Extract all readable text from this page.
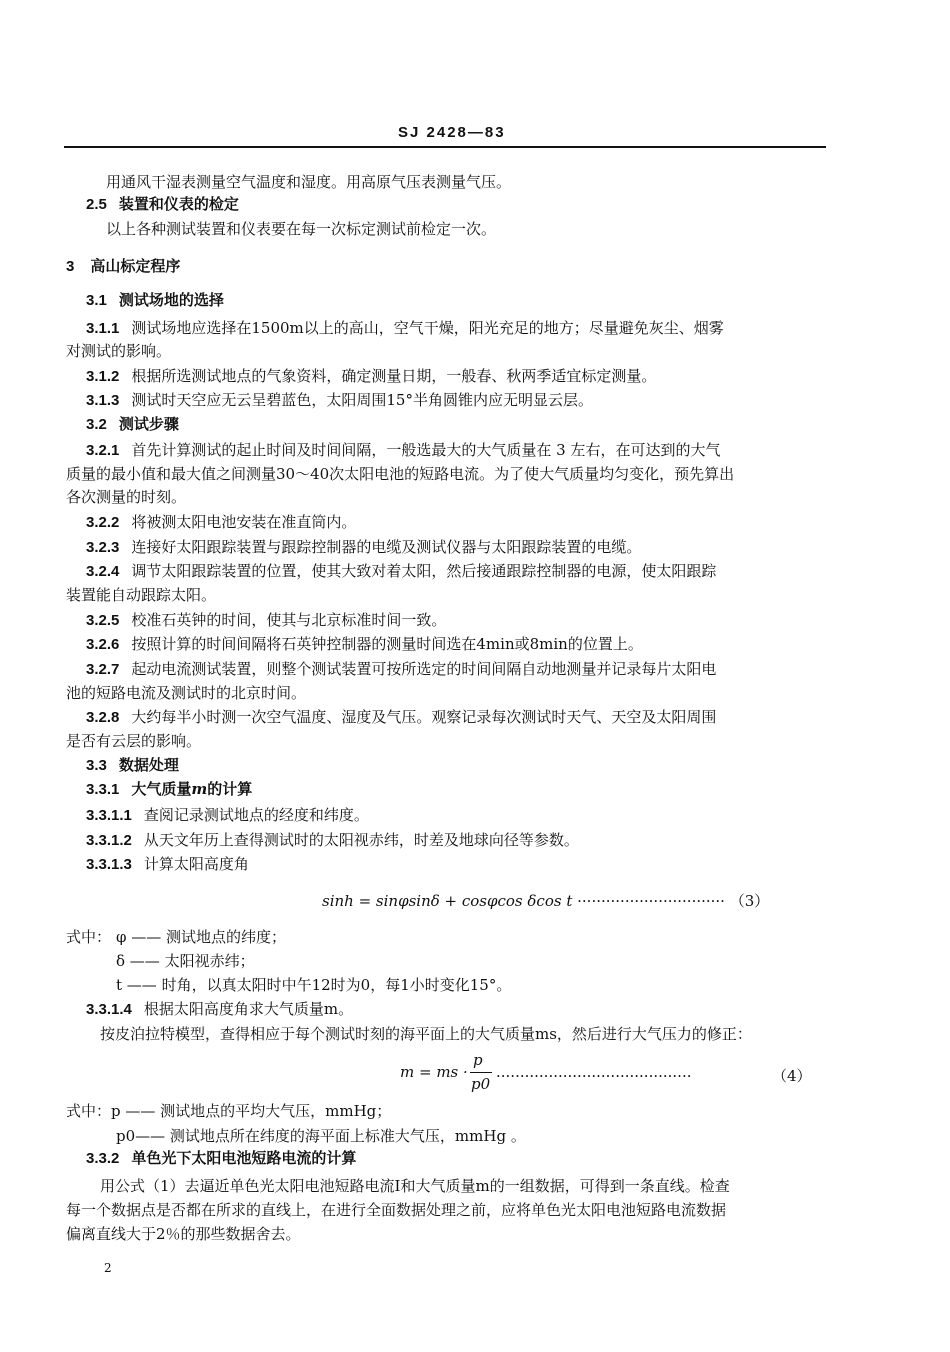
SJ 2428—83
用通风干湿表测量空气温度和湿度。用高原气压表测量气压。
2.5 装置和仪表的检定
以上各种测试装置和仪表要在每一次标定测试前检定一次。
3 高山标定程序
3.1 测试场地的选择
3.1.1 测试场地应选择在1500m以上的高山，空气干燥，阳光充足的地方；尽量避免灰尘、烟雾
对测试的影响。
3.1.2 根据所选测试地点的气象资料，确定测量日期，一般春、秋两季适宜标定测量。
3.1.3 测试时天空应无云呈碧蓝色，太阳周围15°半角圆锥内应无明显云层。
3.2 测试步骤
3.2.1 首先计算测试的起止时间及时间间隔，一般选最大的大气质量在 3 左右，在可达到的大气
质量的最小值和最大值之间测量30～40次太阳电池的短路电流。为了使大气质量均匀变化，预先算出
各次测量的时刻。
3.2.2 将被测太阳电池安装在准直筒内。
3.2.3 连接好太阳跟踪装置与跟踪控制器的电缆及测试仪器与太阳跟踪装置的电缆。
3.2.4 调节太阳跟踪装置的位置，使其大致对着太阳，然后接通跟踪控制器的电源，使太阳跟踪
装置能自动跟踪太阳。
3.2.5 校准石英钟的时间，使其与北京标准时间一致。
3.2.6 按照计算的时间间隔将石英钟控制器的测量时间选在4min或8min的位置上。
3.2.7 起动电流测试装置，则整个测试装置可按所选定的时间间隔自动地测量并记录每片太阳电
池的短路电流及测试时的北京时间。
3.2.8 大约每半小时测一次空气温度、湿度及气压。观察记录每次测试时天气、天空及太阳周围
是否有云层的影响。
3.3 数据处理
3.3.1 大气质量m的计算
3.3.1.1 查阅记录测试地点的经度和纬度。
3.3.1.2 从天文年历上查得测试时的太阳视赤纬，时差及地球向径等参数。
3.3.1.3 计算太阳高度角
sinh = sinφsinδ + cosφcos δcos t ······························· （3）
式中： φ —— 测试地点的纬度；
δ —— 太阳视赤纬；
t —— 时角，以真太阳时中午12时为0，每1小时变化15°。
3.3.1.4 根据太阳高度角求大气质量m。
按皮泊拉特模型，查得相应于每个测试时刻的海平面上的大气质量ms，然后进行大气压力的修正：
m = ms ·
p
p0 ·········································	（4）
式中：p —— 测试地点的平均大气压，mmHg；
p0—— 测试地点所在纬度的海平面上标准大气压，mmHg 。
3.3.2 单色光下太阳电池短路电流的计算
用公式（1）去逼近单色光太阳电池短路电流I和大气质量m的一组数据，可得到一条直线。检查
每一个数据点是否都在所求的直线上，在进行全面数据处理之前，应将单色光太阳电池短路电流数据
偏离直线大于2％的那些数据舍去。
2
